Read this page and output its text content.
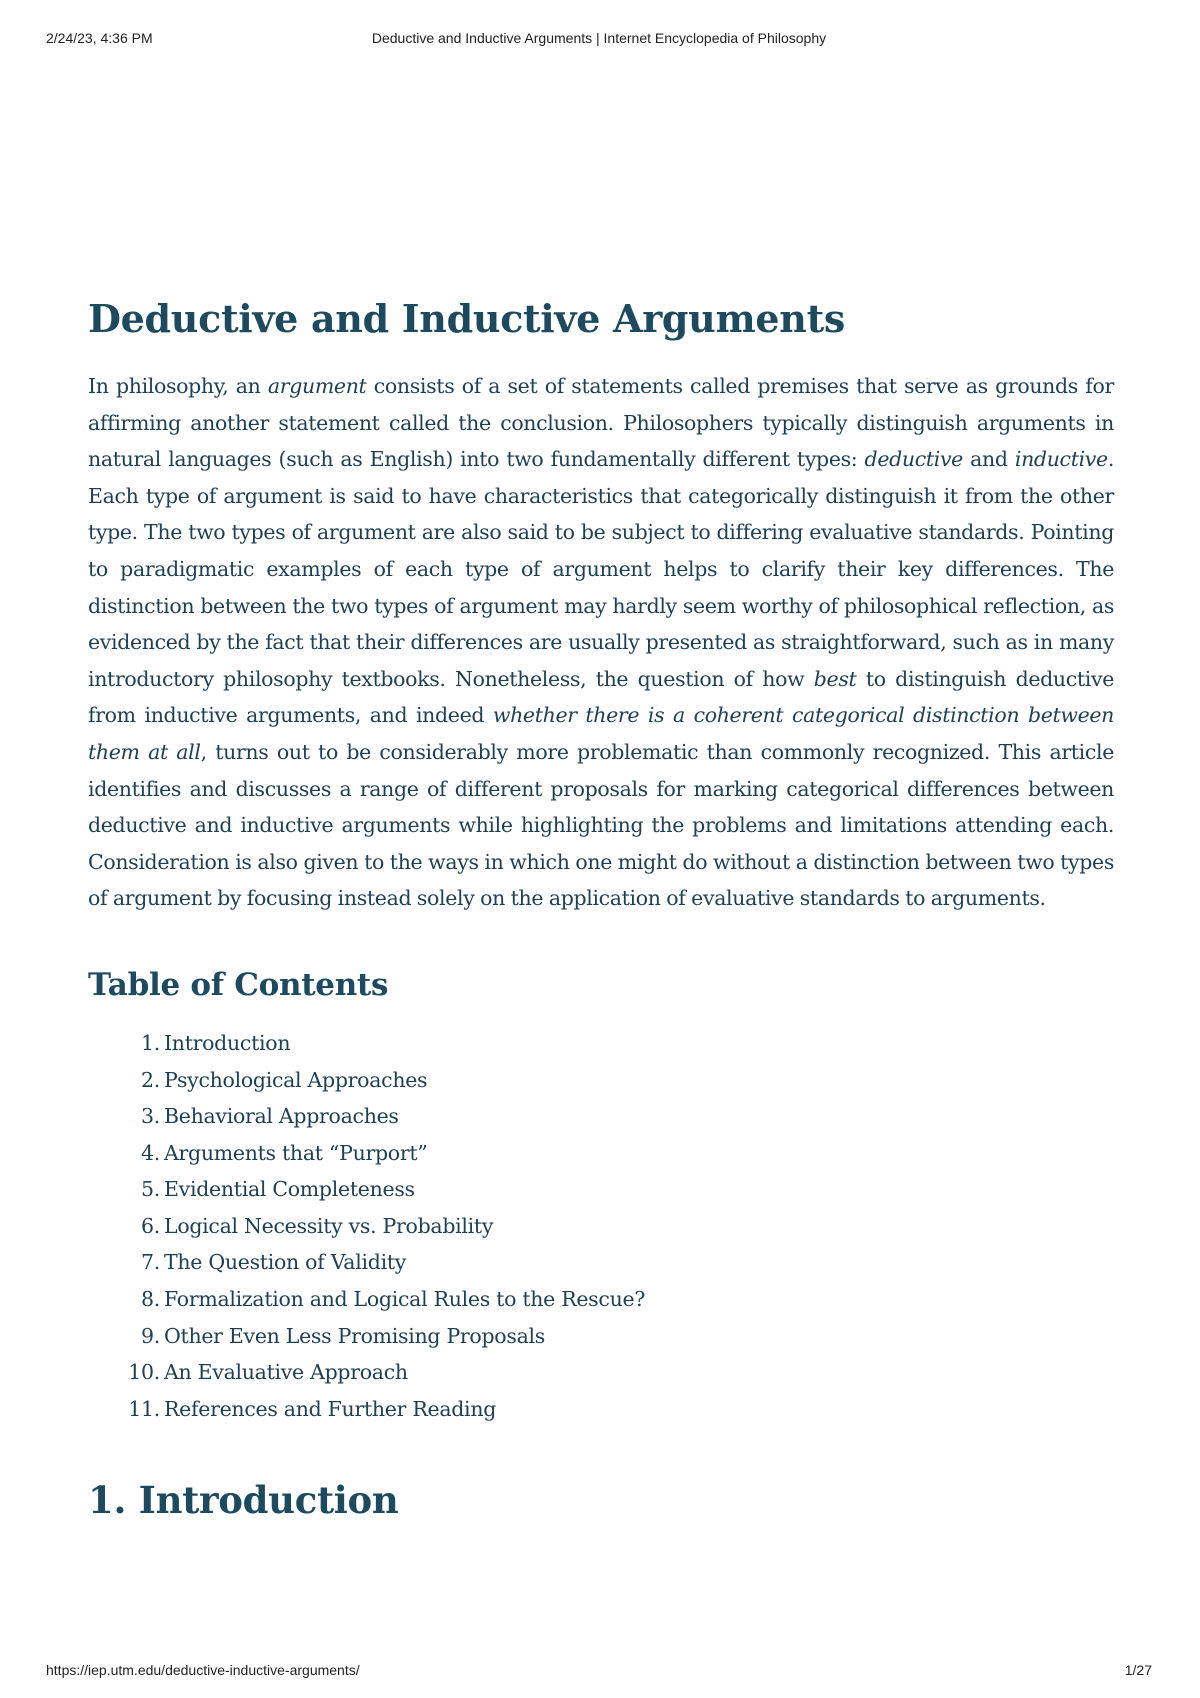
2/24/23, 4:36 PM	Deductive and Inductive Arguments | Internet Encyclopedia of Philosophy
Deductive and Inductive Arguments

In philosophy, an argument consists of a set of statements called premises that serve as grounds for affirming another statement called the conclusion. Philosophers typically distinguish arguments in natural languages (such as English) into two fundamentally different types: deductive and inductive. Each type of argument is said to have characteristics that categorically distinguish it from the other type. The two types of argument are also said to be subject to differing evaluative standards. Pointing to paradigmatic examples of each type of argument helps to clarify their key differences. The distinction between the two types of argument may hardly seem worthy of philosophical reflection, as evidenced by the fact that their differences are usually presented as straightforward, such as in many introductory philosophy textbooks. Nonetheless, the question of how best to distinguish deductive from inductive arguments, and indeed whether there is a coherent categorical distinction between them at all, turns out to be considerably more problematic than commonly recognized. This article identifies and discusses a range of different proposals for marking categorical differences between deductive and inductive arguments while highlighting the problems and limitations attending each. Consideration is also given to the ways in which one might do without a distinction between two types of argument by focusing instead solely on the application of evaluative standards to arguments.

Table of Contents
1. Introduction
2. Psychological Approaches
3. Behavioral Approaches
4. Arguments that “Purport”
5. Evidential Completeness
6. Logical Necessity vs. Probability
7. The Question of Validity
8. Formalization and Logical Rules to the Rescue?
9. Other Even Less Promising Proposals
10. An Evaluative Approach
11. References and Further Reading
1. Introduction
https://iep.utm.edu/deductive-inductive-arguments/	1/27
